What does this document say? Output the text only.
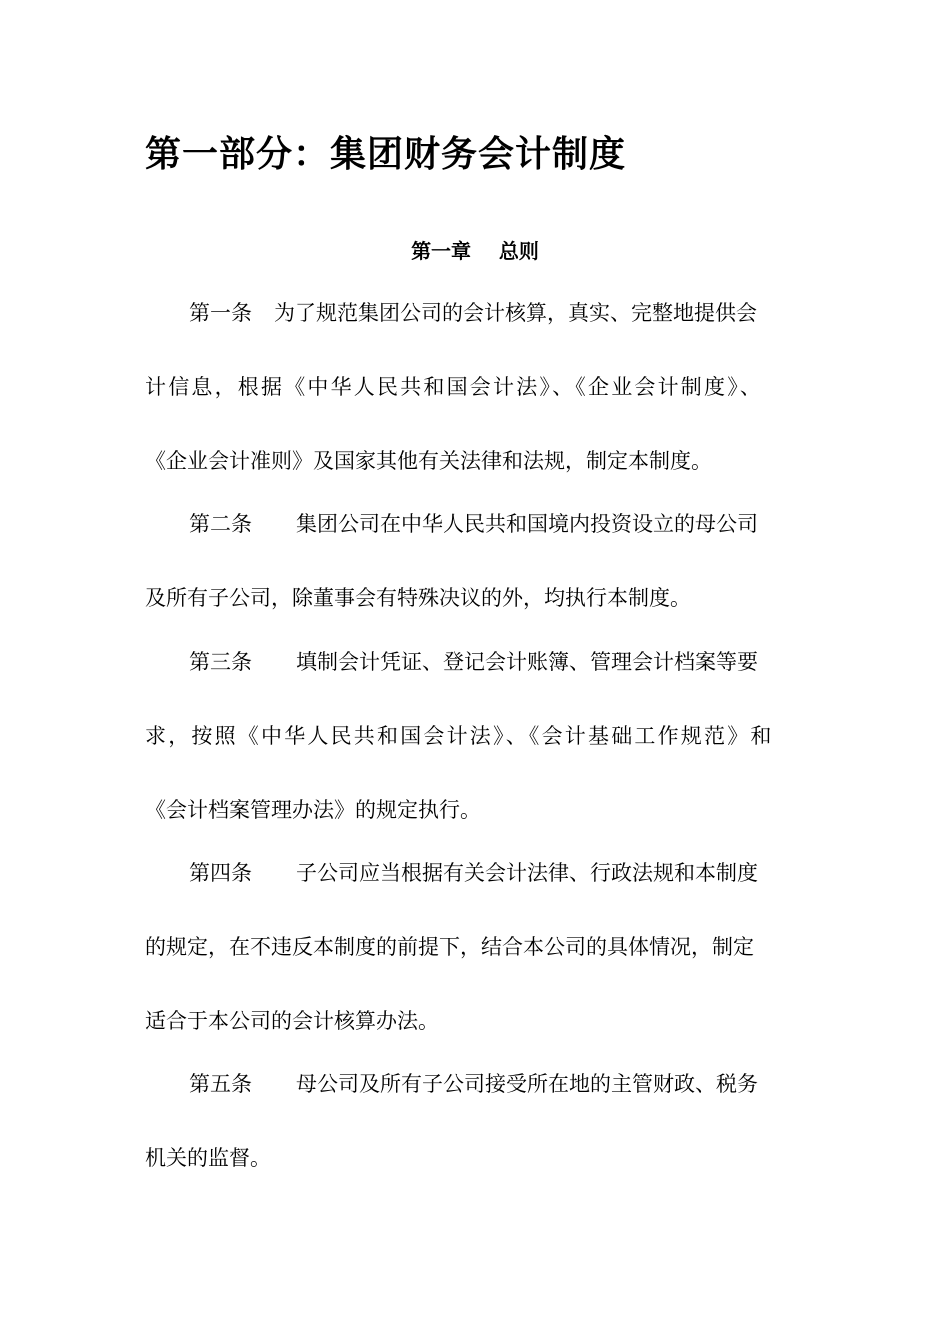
第一部分：集团财务会计制度
第一章    总则
第一条 为了规范集团公司的会计核算，真实、完整地提供会
计信息，根据《中华人民共和国会计法》、《企业会计制度》、
《企业会计准则》及国家其他有关法律和法规，制定本制度。
第二条 集团公司在中华人民共和国境内投资设立的母公司
及所有子公司，除董事会有特殊决议的外，均执行本制度。
第三条 填制会计凭证、登记会计账簿、管理会计档案等要
求，按照《中华人民共和国会计法》、《会计基础工作规范》和
《会计档案管理办法》的规定执行。
第四条 子公司应当根据有关会计法律、行政法规和本制度
的规定，在不违反本制度的前提下，结合本公司的具体情况，制定
适合于本公司的会计核算办法。
第五条 母公司及所有子公司接受所在地的主管财政、税务
机关的监督。
